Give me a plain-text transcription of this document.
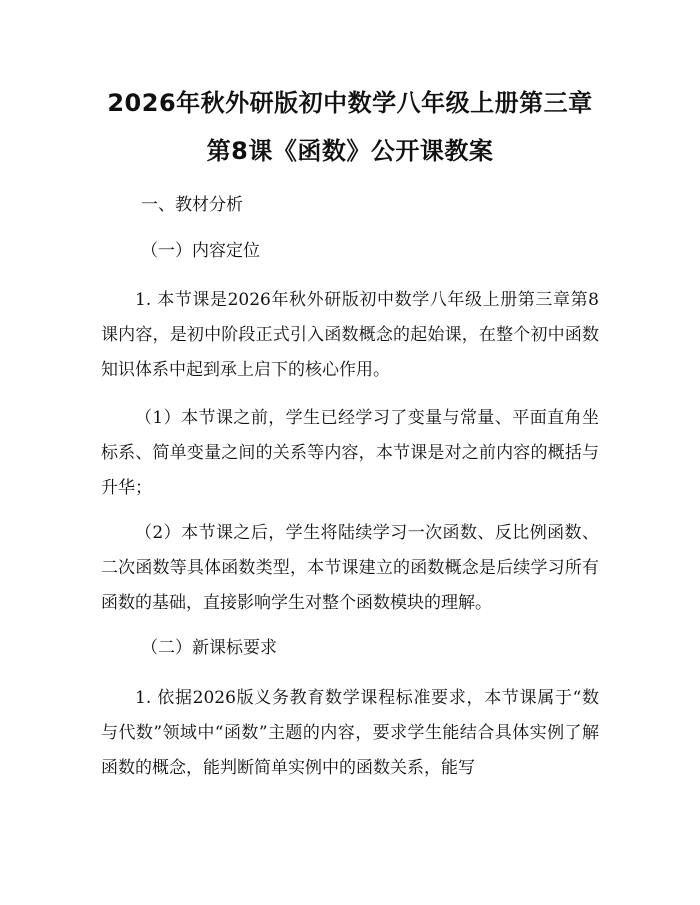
2026年秋外研版初中数学八年级上册第三章
第8课《函数》公开课教案

一、教材分析

（一）内容定位

1. 本节课是2026年秋外研版初中数学八年级上册第三章第8课内容，是初中阶段正式引入函数概念的起始课，在整个初中函数知识体系中起到承上启下的核心作用。

（1）本节课之前，学生已经学习了变量与常量、平面直角坐标系、简单变量之间的关系等内容，本节课是对之前内容的概括与升华；

（2）本节课之后，学生将陆续学习一次函数、反比例函数、二次函数等具体函数类型，本节课建立的函数概念是后续学习所有函数的基础，直接影响学生对整个函数模块的理解。

（二）新课标要求

1. 依据2026版义务教育数学课程标准要求，本节课属于“数与代数”领域中“函数”主题的内容，要求学生能结合具体实例了解函数的概念，能判断简单实例中的函数关系，能写
